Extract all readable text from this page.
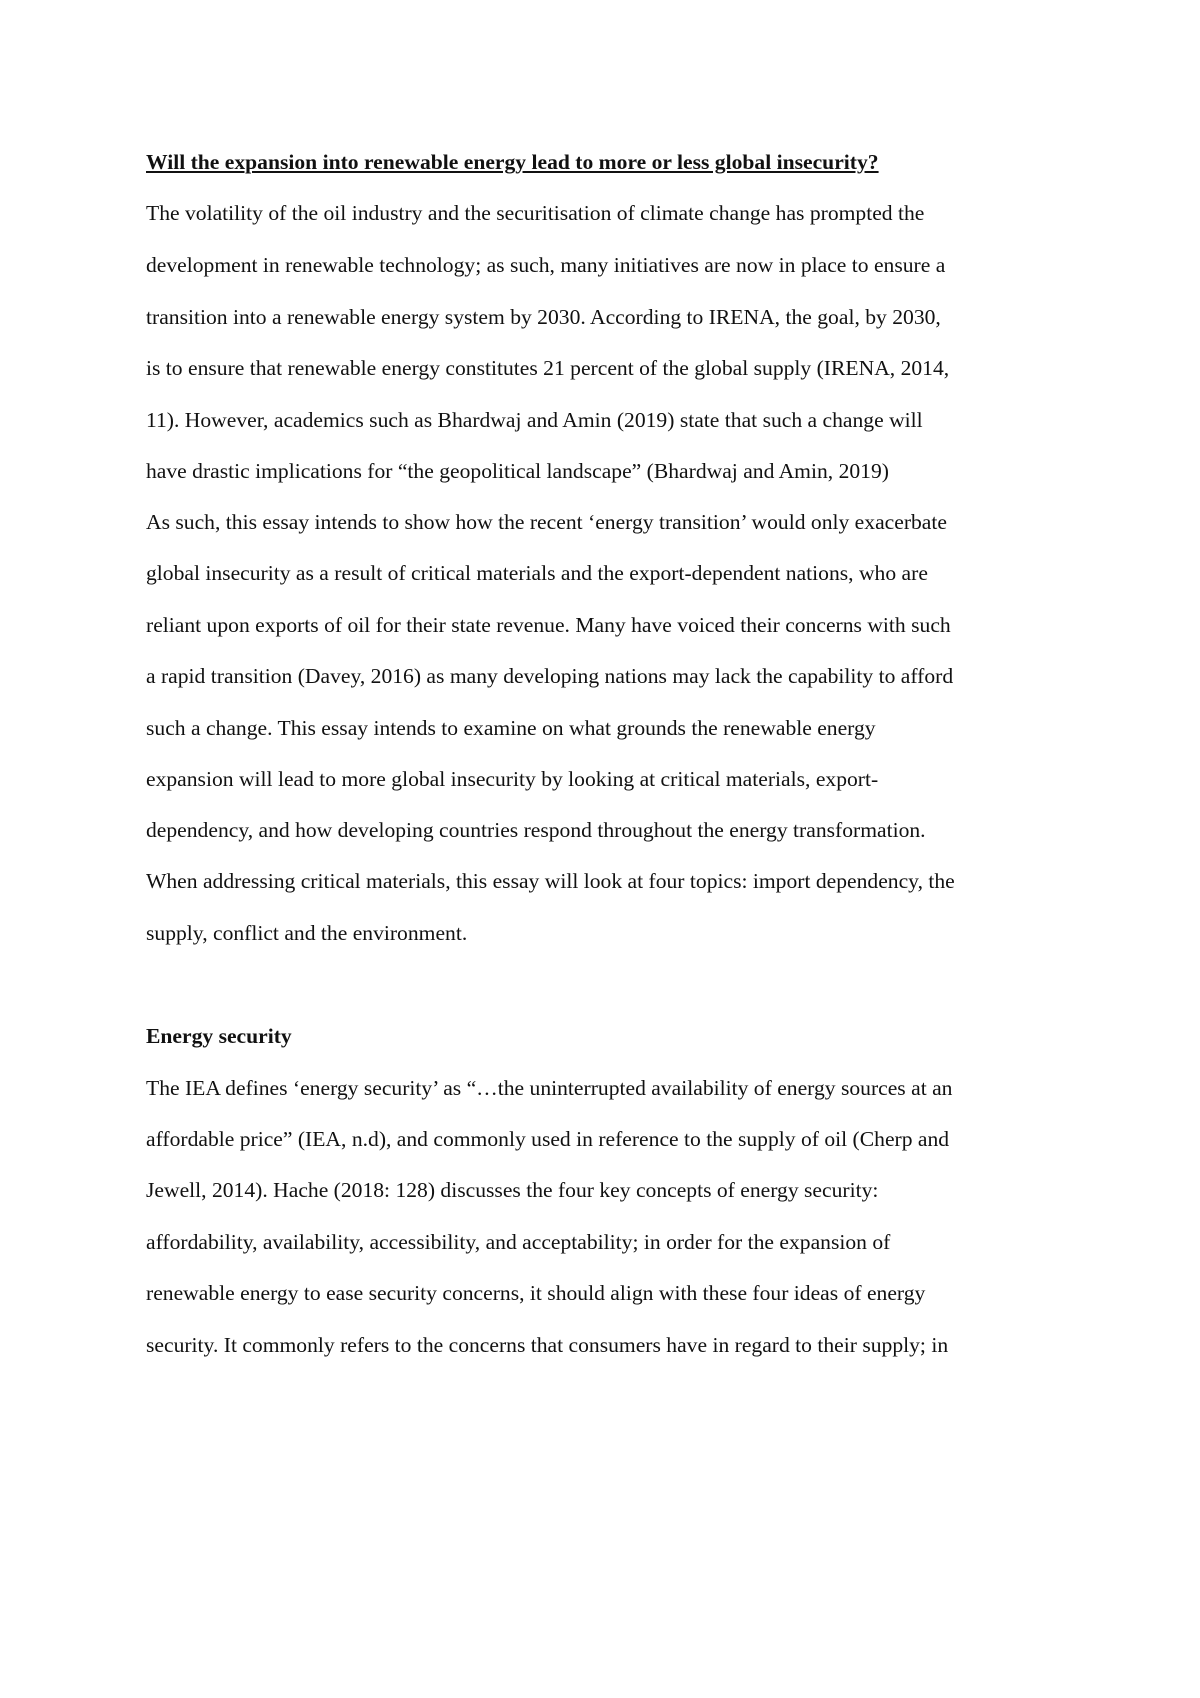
Will the expansion into renewable energy lead to more or less global insecurity?

The volatility of the oil industry and the securitisation of climate change has prompted the

development in renewable technology; as such, many initiatives are now in place to ensure a

transition into a renewable energy system by 2030. According to IRENA, the goal, by 2030,

is to ensure that renewable energy constitutes 21 percent of the global supply (IRENA, 2014,

11). However, academics such as Bhardwaj and Amin (2019) state that such a change will

have drastic implications for “the geopolitical landscape” (Bhardwaj and Amin, 2019)

As such, this essay intends to show how the recent ‘energy transition’ would only exacerbate

global insecurity as a result of critical materials and the export-dependent nations, who are

reliant upon exports of oil for their state revenue. Many have voiced their concerns with such

a rapid transition (Davey, 2016) as many developing nations may lack the capability to afford

such a change. This essay intends to examine on what grounds the renewable energy

expansion will lead to more global insecurity by looking at critical materials, export-

dependency, and how developing countries respond throughout the energy transformation.

When addressing critical materials, this essay will look at four topics: import dependency, the

supply, conflict and the environment.

Energy security

The IEA defines ‘energy security’ as “…the uninterrupted availability of energy sources at an

affordable price” (IEA, n.d), and commonly used in reference to the supply of oil (Cherp and

Jewell, 2014). Hache (2018: 128) discusses the four key concepts of energy security:

affordability, availability, accessibility, and acceptability; in order for the expansion of

renewable energy to ease security concerns, it should align with these four ideas of energy

security. It commonly refers to the concerns that consumers have in regard to their supply; in
